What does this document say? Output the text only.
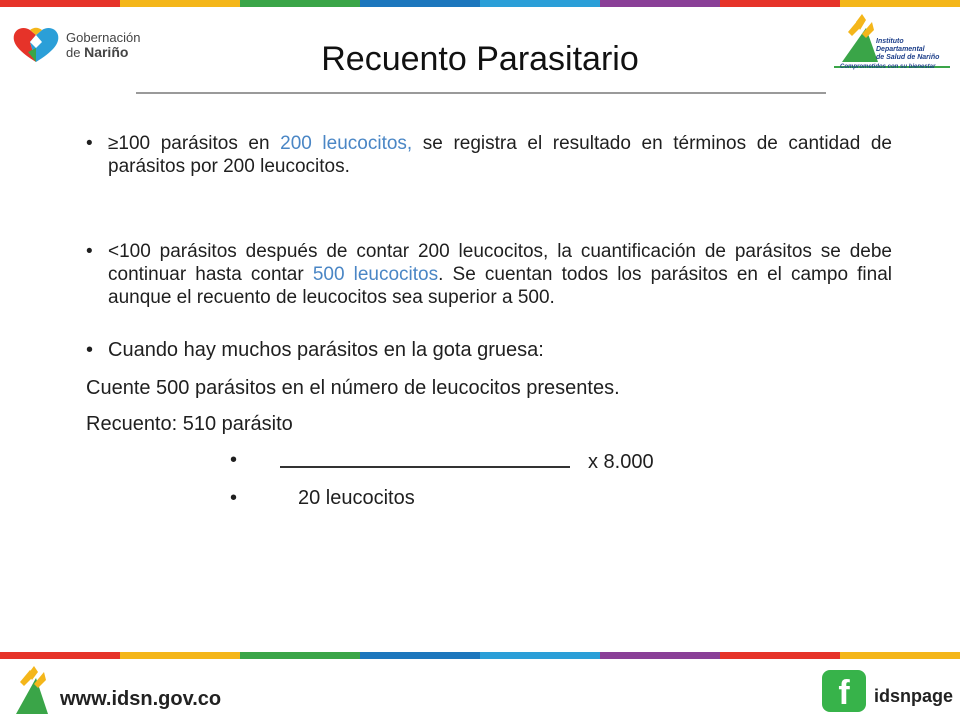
Gobernación
de Nariño	Recuento Parasitario	Instituto
Departamental
de Salud de Nariño
Comprometidos con su bienestar
• ≥100 parásitos en 200 leucocitos, se registra el resultado en términos de cantidad de parásitos por 200 leucocitos.
• <100 parásitos después de contar 200 leucocitos, la cuantificación de parásitos se debe continuar hasta contar 500 leucocitos. Se cuentan todos los parásitos en el campo final aunque el recuento de leucocitos sea superior a 500.
• Cuando hay muchos parásitos en la gota gruesa:
Cuente 500 parásitos en el número de leucocitos presentes.
Recuento: 510 parásito
•	x 8.000
•	20 leucocitos
www.idsn.gov.co	f	idsnpage
